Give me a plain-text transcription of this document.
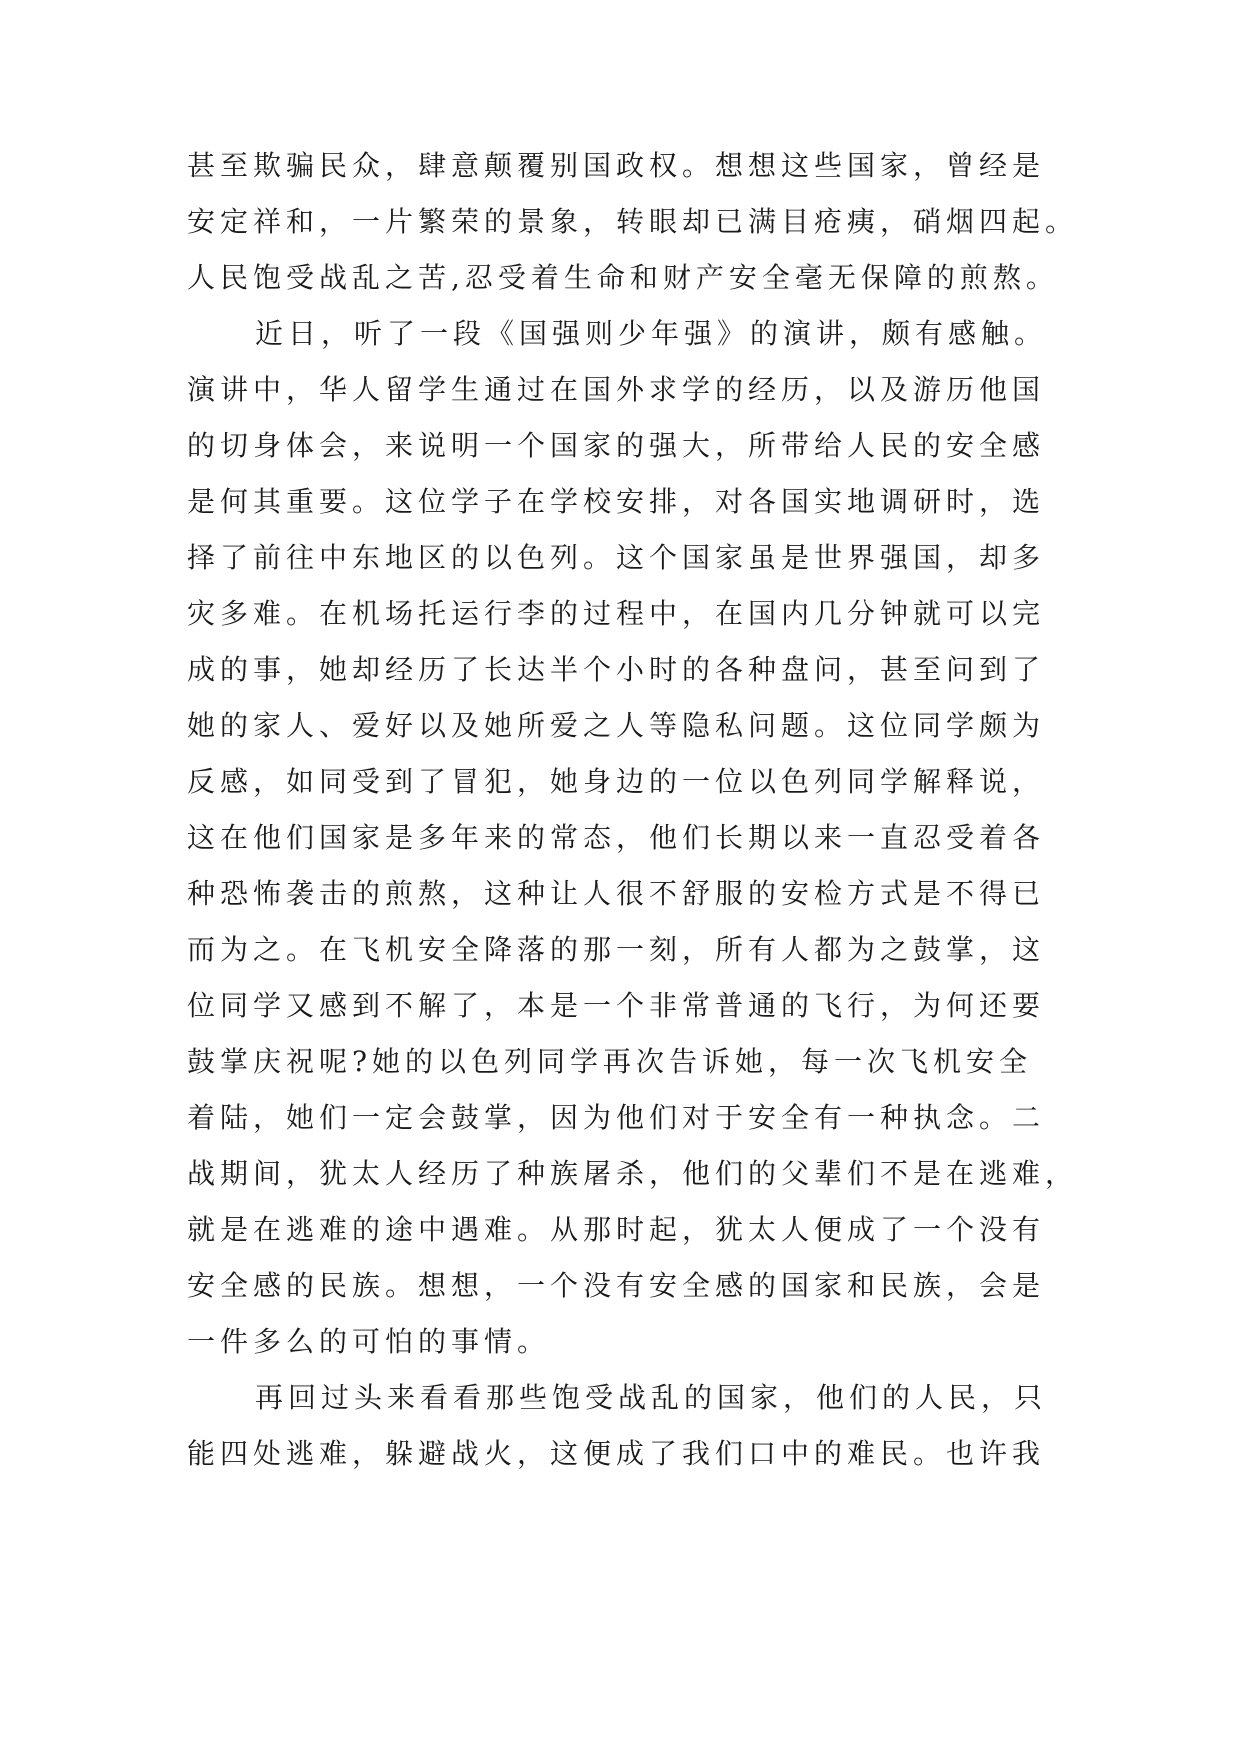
甚至欺骗民众，肆意颠覆别国政权。想想这些国家，曾经是
安定祥和，一片繁荣的景象，转眼却已满目疮痍，硝烟四起。
人民饱受战乱之苦,忍受着生命和财产安全毫无保障的煎熬。
近日，听了一段《国强则少年强》的演讲，颇有感触。
演讲中，华人留学生通过在国外求学的经历，以及游历他国
的切身体会，来说明一个国家的强大，所带给人民的安全感
是何其重要。这位学子在学校安排，对各国实地调研时，选
择了前往中东地区的以色列。这个国家虽是世界强国，却多
灾多难。在机场托运行李的过程中，在国内几分钟就可以完
成的事，她却经历了长达半个小时的各种盘问，甚至问到了
她的家人、爱好以及她所爱之人等隐私问题。这位同学颇为
反感，如同受到了冒犯，她身边的一位以色列同学解释说，
这在他们国家是多年来的常态，他们长期以来一直忍受着各
种恐怖袭击的煎熬，这种让人很不舒服的安检方式是不得已
而为之。在飞机安全降落的那一刻，所有人都为之鼓掌，这
位同学又感到不解了，本是一个非常普通的飞行，为何还要
鼓掌庆祝呢?她的以色列同学再次告诉她，每一次飞机安全
着陆，她们一定会鼓掌，因为他们对于安全有一种执念。二
战期间，犹太人经历了种族屠杀，他们的父辈们不是在逃难，
就是在逃难的途中遇难。从那时起，犹太人便成了一个没有
安全感的民族。想想，一个没有安全感的国家和民族，会是
一件多么的可怕的事情。
再回过头来看看那些饱受战乱的国家，他们的人民，只
能四处逃难，躲避战火，这便成了我们口中的难民。也许我
